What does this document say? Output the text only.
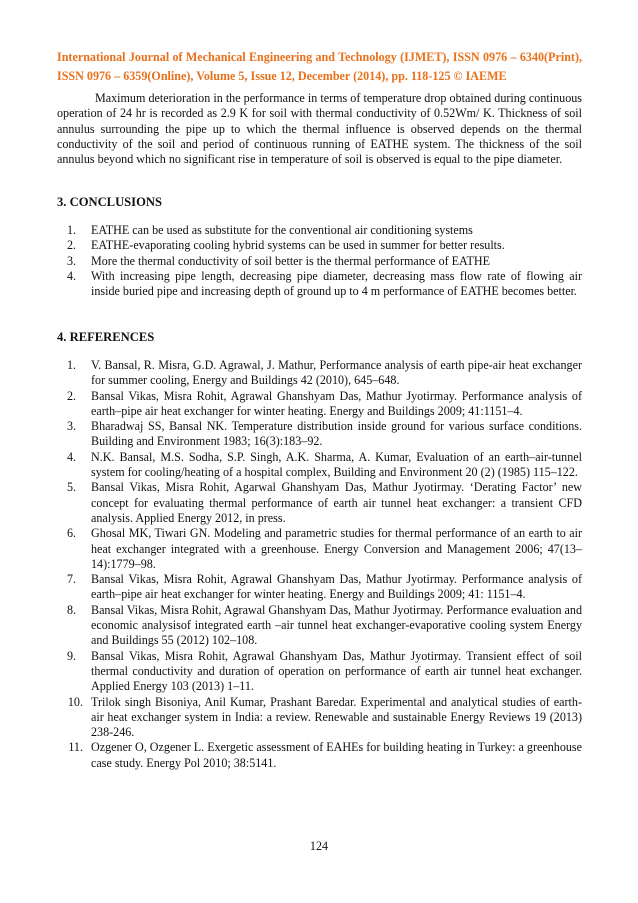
International Journal of Mechanical Engineering and Technology (IJMET), ISSN 0976 – 6340(Print), ISSN 0976 – 6359(Online), Volume 5, Issue 12, December (2014), pp. 118-125 © IAEME

Maximum deterioration in the performance in terms of temperature drop obtained during continuous operation of 24 hr is recorded as 2.9 K for soil with thermal conductivity of 0.52Wm/ K. Thickness of soil annulus surrounding the pipe up to which the thermal influence is observed depends on the thermal conductivity of the soil and period of continuous running of EATHE system. The thickness of the soil annulus beyond which no significant rise in temperature of soil is observed is equal to the pipe diameter.

3. CONCLUSIONS
1.	EATHE can be used as substitute for the conventional air conditioning systems
2.	EATHE-evaporating cooling hybrid systems can be used in summer for better results.
3.	More the thermal conductivity of soil better is the thermal performance of EATHE
4.	With increasing pipe length, decreasing pipe diameter, decreasing mass flow rate of flowing air inside buried pipe and increasing depth of ground up to 4 m performance of EATHE becomes better.
4. REFERENCES
1.	V. Bansal, R. Misra, G.D. Agrawal, J. Mathur, Performance analysis of earth pipe-air heat exchanger for summer cooling, Energy and Buildings 42 (2010), 645–648.
2.	Bansal Vikas, Misra Rohit, Agrawal Ghanshyam Das, Mathur Jyotirmay. Performance analysis of earth–pipe air heat exchanger for winter heating. Energy and Buildings 2009; 41:1151–4.
3.	Bharadwaj SS, Bansal NK. Temperature distribution inside ground for various surface conditions. Building and Environment 1983; 16(3):183–92.
4.	N.K. Bansal, M.S. Sodha, S.P. Singh, A.K. Sharma, A. Kumar, Evaluation of an earth–air-tunnel system for cooling/heating of a hospital complex, Building and Environment 20 (2) (1985) 115–122.
5.	Bansal Vikas, Misra Rohit, Agarwal Ghanshyam Das, Mathur Jyotirmay. ‘Derating Factor’ new concept for evaluating thermal performance of earth air tunnel heat exchanger: a transient CFD analysis. Applied Energy 2012, in press.
6.	Ghosal MK, Tiwari GN. Modeling and parametric studies for thermal performance of an earth to air heat exchanger integrated with a greenhouse. Energy Conversion and Management 2006; 47(13–14):1779–98.
7.	Bansal Vikas, Misra Rohit, Agrawal Ghanshyam Das, Mathur Jyotirmay. Performance analysis of earth–pipe air heat exchanger for winter heating. Energy and Buildings 2009; 41: 1151–4.
8.	Bansal Vikas, Misra Rohit, Agrawal Ghanshyam Das, Mathur Jyotirmay. Performance evaluation and economic analysisof integrated earth –air tunnel heat exchanger-evaporative cooling system Energy and Buildings 55 (2012) 102–108.
9.	Bansal Vikas, Misra Rohit, Agrawal Ghanshyam Das, Mathur Jyotirmay. Transient effect of soil thermal conductivity and duration of operation on performance of earth air tunnel heat exchanger. Applied Energy 103 (2013) 1–11.
10. Trilok singh Bisoniya, Anil Kumar, Prashant Baredar. Experimental and analytical studies of earth-air heat exchanger system in India: a review. Renewable and sustainable Energy Reviews 19 (2013) 238-246.
11. Ozgener O, Ozgener L. Exergetic assessment of EAHEs for building heating in Turkey: a greenhouse case study. Energy Pol 2010; 38:5141.
124
